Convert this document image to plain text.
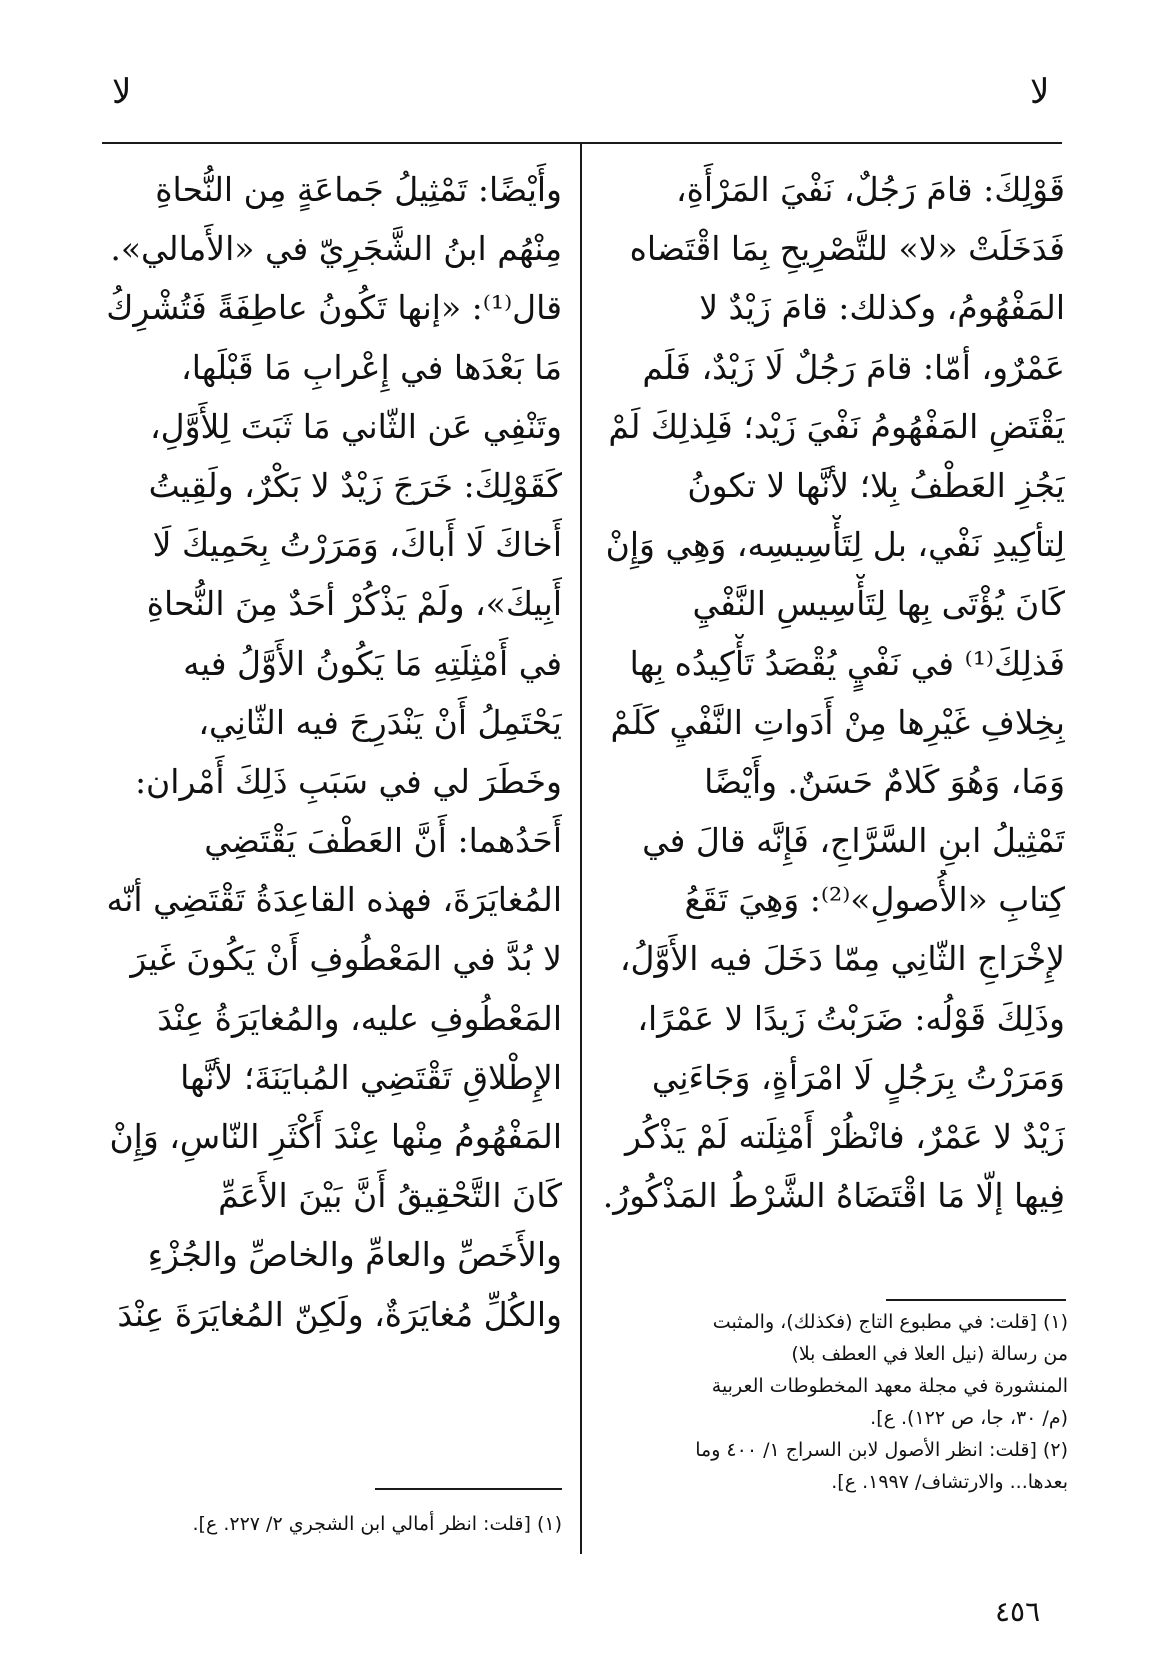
لا
لا
قَوْلِكَ: قامَ رَجُلٌ، نَفْيَ المَرْأَةِ،
فَدَخَلَتْ «لا» للتَّصْرِيحِ بِمَا اقْتَضاه
المَفْهُومُ، وكذلك: قامَ زَيْدٌ لا
عَمْرٌو، أمّا: قامَ رَجُلٌ لَا زَيْدٌ، فَلَم
يَقْتَضِ المَفْهُومُ نَفْيَ زَيْد؛ فَلِذلِكَ لَمْ
يَجُزِ العَطْفُ بِلا؛ لأنَّها لا تكونُ
لِتأكِيدِ نَفْي، بل لِتَأْسِيسِه، وَهِي وَإِنْ
كَانَ يُؤْتَى بِها لِتَأْسِيسِ النَّفْيِ
فَذلِكَ⁽¹⁾ في نَفْيٍ يُقْصَدُ تَأْكِيدُه بِها
بِخِلافِ غَيْرِها مِنْ أَدَواتِ النَّفْيِ كَلَمْ
وَمَا، وَهُوَ كَلامٌ حَسَنٌ. وأَيْضًا
تَمْثِيلُ ابنِ السَّرَّاجِ، فَإِنَّه قالَ في
كِتابِ «الأُصولِ»⁽²⁾: وَهِيَ تَقَعُ
لإِخْرَاجِ الثّانِي مِمّا دَخَلَ فيه الأَوَّلُ،
وذَلِكَ قَوْلُه: ضَرَبْتُ زَيدًا لا عَمْرًا،
وَمَرَرْتُ بِرَجُلٍ لَا امْرَأةٍ، وَجَاءَنِي
زَيْدٌ لا عَمْرٌ، فانْظُرْ أَمْثِلَته لَمْ يَذْكُر
فِيها إلّا مَا اقْتَضَاهُ الشَّرْطُ المَذْكُورُ.
(١) [قلت: في مطبوع التاج (فكذلك)، والمثبت
من رسالة (نيل العلا في العطف بلا)
المنشورة في مجلة معهد المخطوطات العربية
(م/ ٣٠، جا، ص ١٢٢). ع].
(٢) [قلت: انظر الأصول لابن السراج ١/ ٤٠٠ وما
بعدها... والارتشاف/ ١٩٩٧. ع].
وأَيْضًا: تَمْثِيلُ جَماعَةٍ مِن النُّحاةِ
مِنْهُم ابنُ الشَّجَرِيّ في «الأَمالي».
قال⁽¹⁾: «إنها تَكُونُ عاطِفَةً فَتُشْرِكُ
مَا بَعْدَها في إِعْرابِ مَا قَبْلَها،
وتَنْفِي عَن الثّاني مَا ثَبَتَ لِلأَوَّلِ،
كَقَوْلِكَ: خَرَجَ زَيْدٌ لا بَكْرٌ، ولَقِيتُ
أَخاكَ لَا أَباكَ، وَمَرَرْتُ بِحَمِيكَ لَا
أَبِيكَ»، ولَمْ يَذْكُرْ أحَدٌ مِنَ النُّحاةِ
في أَمْثِلَتِهِ مَا يَكُونُ الأَوَّلُ فيه
يَحْتَمِلُ أَنْ يَنْدَرِجَ فيه الثّانِي،
وخَطَرَ لي في سَبَبِ ذَلِكَ أَمْران:
أَحَدُهما: أَنَّ العَطْفَ يَقْتَضِي
المُغايَرَةَ، فهذه القاعِدَةُ تَقْتَضِي أنّه
لا بُدَّ في المَعْطُوفِ أَنْ يَكُونَ غَيرَ
المَعْطُوفِ عليه، والمُغايَرَةُ عِنْدَ
الإِطْلاقِ تَقْتَضِي المُبايَنَةَ؛ لأنَّها
المَفْهُومُ مِنْها عِنْدَ أَكْثَرِ النّاسِ، وَإِنْ
كَانَ التَّحْقِيقُ أَنَّ بَيْنَ الأَعَمِّ
والأَخَصِّ والعامِّ والخاصِّ والجُزْءِ
والكُلِّ مُغايَرَةٌ، ولَكِنّ المُغايَرَةَ عِنْدَ
(١) [قلت: انظر أمالي ابن الشجري ٢/ ٢٢٧. ع].
٤٥٦
